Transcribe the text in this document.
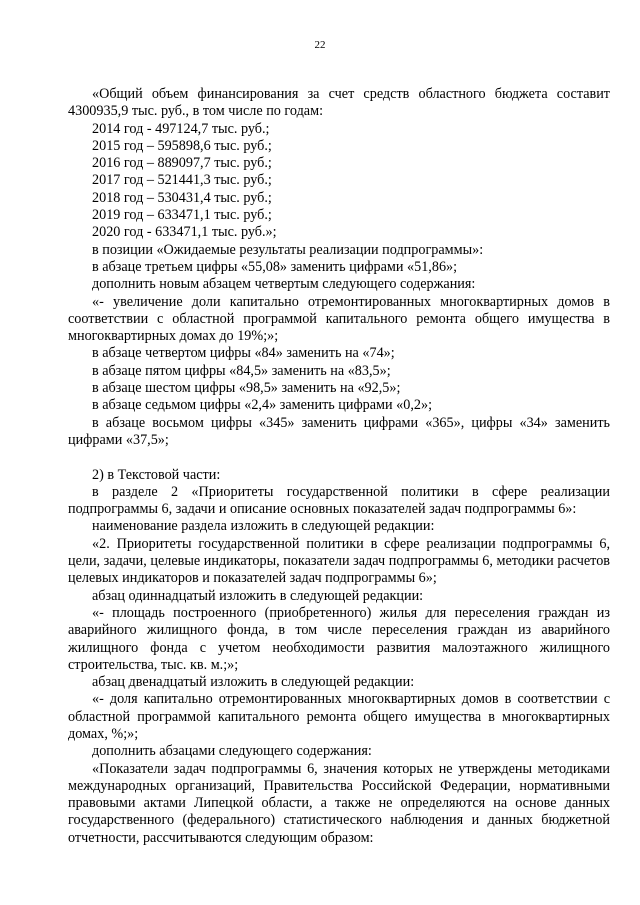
22

«Общий объем финансирования за счет средств областного бюджета составит 4300935,9 тыс. руб., в том числе по годам:

2014 год - 497124,7 тыс. руб.;

2015 год – 595898,6 тыс. руб.;

2016 год – 889097,7 тыс. руб.;

2017 год – 521441,3 тыс. руб.;

2018 год – 530431,4 тыс. руб.;

2019 год – 633471,1 тыс. руб.;

2020 год - 633471,1 тыс. руб.»;

в позиции «Ожидаемые результаты реализации подпрограммы»:

в абзаце третьем цифры «55,08» заменить цифрами «51,86»;

дополнить новым абзацем четвертым следующего содержания:

«- увеличение доли капитально отремонтированных многоквартирных домов в соответствии с областной программой капитального ремонта общего имущества в многоквартирных домах до 19%;»;

в абзаце четвертом цифры «84» заменить на «74»;

в абзаце пятом цифры «84,5» заменить на «83,5»;

в абзаце шестом цифры «98,5» заменить на «92,5»;

в абзаце седьмом цифры «2,4» заменить цифрами «0,2»;

в абзаце восьмом цифры «345» заменить цифрами «365», цифры «34» заменить цифрами «37,5»;

2) в Текстовой части:

в разделе 2 «Приоритеты государственной политики в сфере реализации подпрограммы 6, задачи и описание основных показателей задач подпрограммы 6»:

наименование раздела изложить в следующей редакции:

«2. Приоритеты государственной политики в сфере реализации подпрограммы 6, цели, задачи, целевые индикаторы, показатели задач подпрограммы 6, методики расчетов целевых индикаторов и показателей задач подпрограммы 6»;

абзац одиннадцатый изложить в следующей редакции:

«- площадь построенного (приобретенного) жилья для переселения граждан из аварийного жилищного фонда, в том числе переселения граждан из аварийного жилищного фонда с учетом необходимости развития малоэтажного жилищного строительства, тыс. кв. м.;»;

абзац двенадцатый изложить в следующей редакции:

«- доля капитально отремонтированных многоквартирных домов в соответствии с областной программой капитального ремонта общего имущества в многоквартирных домах, %;»;

дополнить абзацами следующего содержания:

«Показатели задач подпрограммы 6, значения которых не утверждены методиками международных организаций, Правительства Российской Федерации, нормативными правовыми актами Липецкой области, а также не определяются на основе данных государственного (федерального) статистического наблюдения и данных бюджетной отчетности, рассчитываются следующим образом:
